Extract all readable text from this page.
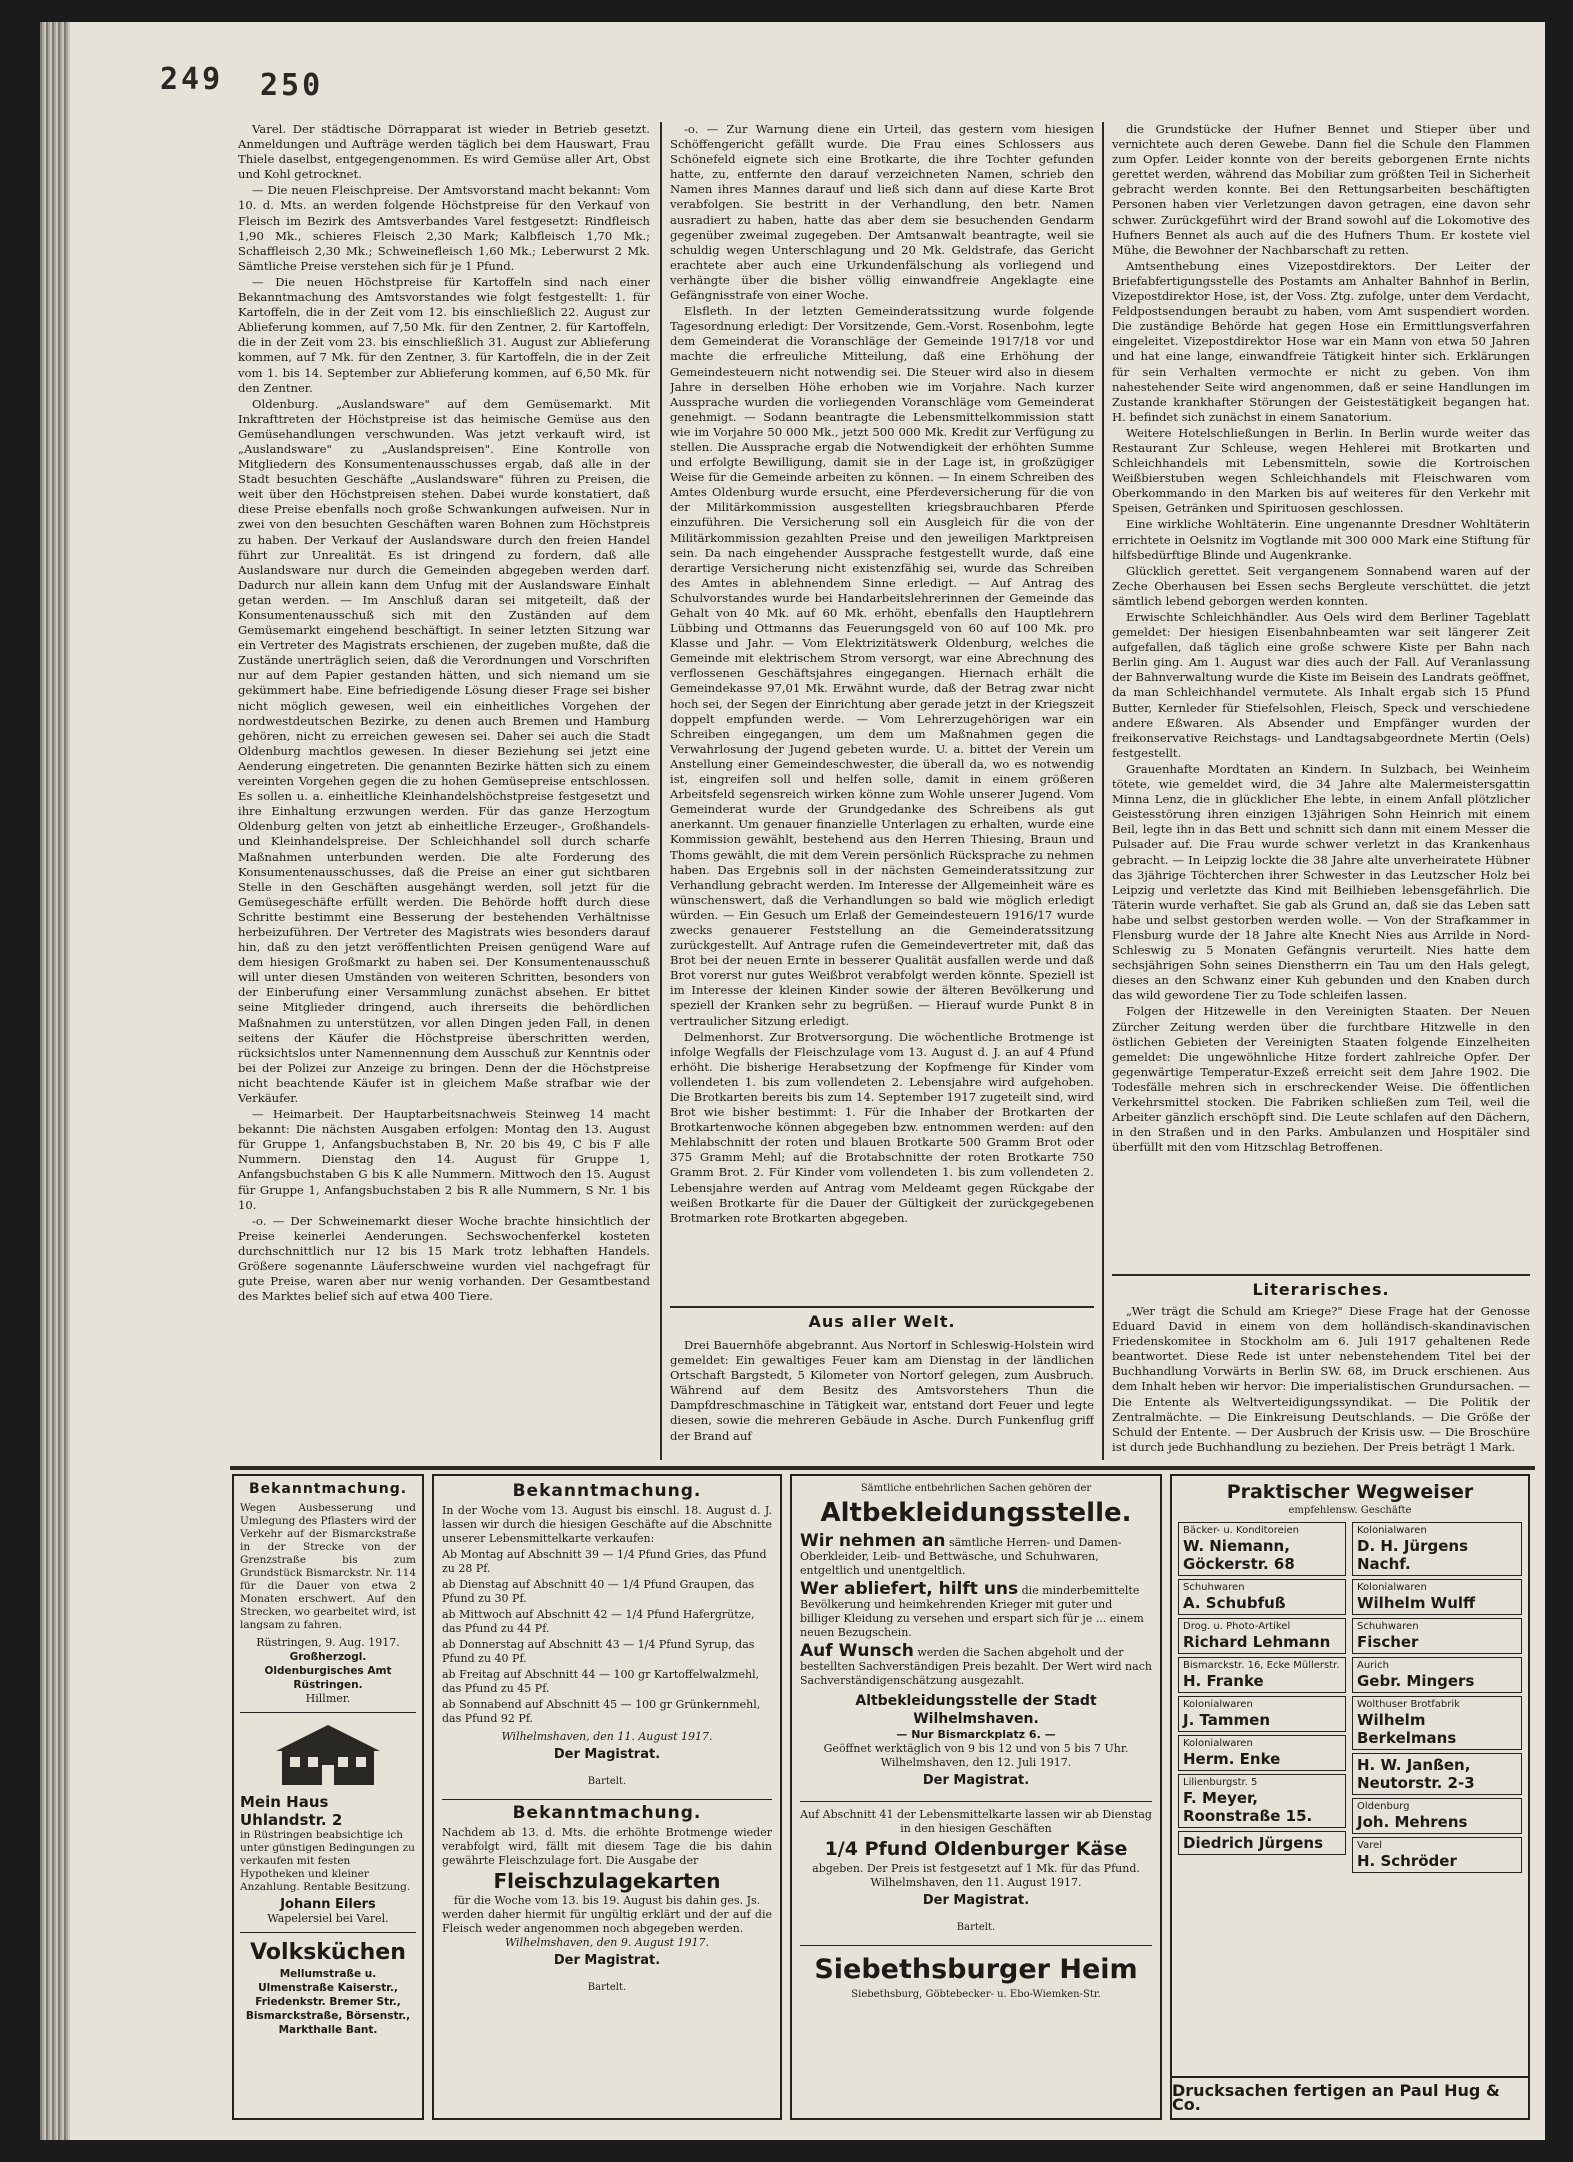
249 250

Varel. Der städtische Dörrapparat ist wieder in Betrieb gesetzt. Anmeldungen und Aufträge werden täglich bei dem Hauswart, Frau Thiele daselbst, entgegengenommen. Es wird Gemüse aller Art, Obst und Kohl getrocknet.

— Die neuen Fleischpreise. Der Amtsvorstand macht bekannt: Vom 10. d. Mts. an werden folgende Höchstpreise für den Verkauf von Fleisch im Bezirk des Amtsverbandes Varel festgesetzt: Rindfleisch 1,90 Mk., schieres Fleisch 2,30 Mark; Kalbfleisch 1,70 Mk.; Schaffleisch 2,30 Mk.; Schweinefleisch 1,60 Mk.; Leberwurst 2 Mk. Sämtliche Preise verstehen sich für je 1 Pfund.

— Die neuen Höchstpreise für Kartoffeln sind nach einer Bekanntmachung des Amtsvorstandes wie folgt festgestellt: 1. für Kartoffeln, die in der Zeit vom 12. bis einschließlich 22. August zur Ablieferung kommen, auf 7,50 Mk. für den Zentner, 2. für Kartoffeln, die in der Zeit vom 23. bis einschließlich 31. August zur Ablieferung kommen, auf 7 Mk. für den Zentner, 3. für Kartoffeln, die in der Zeit vom 1. bis 14. September zur Ablieferung kommen, auf 6,50 Mk. für den Zentner.

Oldenburg. „Auslandsware" auf dem Gemüsemarkt. Mit Inkrafttreten der Höchstpreise ist das heimische Gemüse aus den Gemüsehandlungen verschwunden. Was jetzt verkauft wird, ist „Auslandsware" zu „Auslandspreisen". Eine Kontrolle von Mitgliedern des Konsumentenausschusses ergab, daß alle in der Stadt besuchten Geschäfte „Auslandsware" führen zu Preisen, die weit über den Höchstpreisen stehen. Dabei wurde konstatiert, daß diese Preise ebenfalls noch große Schwankungen aufweisen. Nur in zwei von den besuchten Geschäften waren Bohnen zum Höchstpreis zu haben. Der Verkauf der Auslandsware durch den freien Handel führt zur Unrealität. Es ist dringend zu fordern, daß alle Auslandsware nur durch die Gemeinden abgegeben werden darf. Dadurch nur allein kann dem Unfug mit der Auslandsware Einhalt getan werden. — Im Anschluß daran sei mitgeteilt, daß der Konsumentenausschuß sich mit den Zuständen auf dem Gemüsemarkt eingehend beschäftigt. In seiner letzten Sitzung war ein Vertreter des Magistrats erschienen, der zugeben mußte, daß die Zustände unerträglich seien, daß die Verordnungen und Vorschriften nur auf dem Papier gestanden hätten, und sich niemand um sie gekümmert habe. Eine befriedigende Lösung dieser Frage sei bisher nicht möglich gewesen, weil ein einheitliches Vorgehen der nordwestdeutschen Bezirke, zu denen auch Bremen und Hamburg gehören, nicht zu erreichen gewesen sei. Daher sei auch die Stadt Oldenburg machtlos gewesen. In dieser Beziehung sei jetzt eine Aenderung eingetreten. Die genannten Bezirke hätten sich zu einem vereinten Vorgehen gegen die zu hohen Gemüsepreise entschlossen. Es sollen u. a. einheitliche Kleinhandelshöchstpreise festgesetzt und ihre Einhaltung erzwungen werden. Für das ganze Herzogtum Oldenburg gelten von jetzt ab einheitliche Erzeuger-, Großhandels- und Kleinhandelspreise. Der Schleichhandel soll durch scharfe Maßnahmen unterbunden werden. Die alte Forderung des Konsumentenausschusses, daß die Preise an einer gut sichtbaren Stelle in den Geschäften ausgehängt werden, soll jetzt für die Gemüsegeschäfte erfüllt werden. Die Behörde hofft durch diese Schritte bestimmt eine Besserung der bestehenden Verhältnisse herbeizuführen. Der Vertreter des Magistrats wies besonders darauf hin, daß zu den jetzt veröffentlichten Preisen genügend Ware auf dem hiesigen Großmarkt zu haben sei. Der Konsumentenausschuß will unter diesen Umständen von weiteren Schritten, besonders von der Einberufung einer Versammlung zunächst absehen. Er bittet seine Mitglieder dringend, auch ihrerseits die behördlichen Maßnahmen zu unterstützen, vor allen Dingen jeden Fall, in denen seitens der Käufer die Höchstpreise überschritten werden, rücksichtslos unter Namennennung dem Ausschuß zur Kenntnis oder bei der Polizei zur Anzeige zu bringen. Denn der die Höchstpreise nicht beachtende Käufer ist in gleichem Maße strafbar wie der Verkäufer.

— Heimarbeit. Der Hauptarbeitsnachweis Steinweg 14 macht bekannt: Die nächsten Ausgaben erfolgen: Montag den 13. August für Gruppe 1, Anfangsbuchstaben B, Nr. 20 bis 49, C bis F alle Nummern. Dienstag den 14. August für Gruppe 1, Anfangsbuchstaben G bis K alle Nummern. Mittwoch den 15. August für Gruppe 1, Anfangsbuchstaben 2 bis R alle Nummern, S Nr. 1 bis 10.

-o. — Der Schweinemarkt dieser Woche brachte hinsichtlich der Preise keinerlei Aenderungen. Sechswochenferkel kosteten durchschnittlich nur 12 bis 15 Mark trotz lebhaften Handels. Größere sogenannte Läuferschweine wurden viel nachgefragt für gute Preise, waren aber nur wenig vorhanden. Der Gesamtbestand des Marktes belief sich auf etwa 400 Tiere.

-o. — Zur Warnung diene ein Urteil, das gestern vom hiesigen Schöffengericht gefällt wurde. Die Frau eines Schlossers aus Schönefeld eignete sich eine Brotkarte, die ihre Tochter gefunden hatte, zu, entfernte den darauf verzeichneten Namen, schrieb den Namen ihres Mannes darauf und ließ sich dann auf diese Karte Brot verabfolgen. Sie bestritt in der Verhandlung, den betr. Namen ausradiert zu haben, hatte das aber dem sie besuchenden Gendarm gegenüber zweimal zugegeben. Der Amtsanwalt beantragte, weil sie schuldig wegen Unterschlagung und 20 Mk. Geldstrafe, das Gericht erachtete aber auch eine Urkundenfälschung als vorliegend und verhängte über die bisher völlig einwandfreie Angeklagte eine Gefängnisstrafe von einer Woche.

Elsfleth. In der letzten Gemeinderatssitzung wurde folgende Tagesordnung erledigt: Der Vorsitzende, Gem.-Vorst. Rosenbohm, legte dem Gemeinderat die Voranschläge der Gemeinde 1917/18 vor und machte die erfreuliche Mitteilung, daß eine Erhöhung der Gemeindesteuern nicht notwendig sei. Die Steuer wird also in diesem Jahre in derselben Höhe erhoben wie im Vorjahre. Nach kurzer Aussprache wurden die vorliegenden Voranschläge vom Gemeinderat genehmigt. — Sodann beantragte die Lebensmittelkommission statt wie im Vorjahre 50 000 Mk., jetzt 500 000 Mk. Kredit zur Verfügung zu stellen. Die Aussprache ergab die Notwendigkeit der erhöhten Summe und erfolgte Bewilligung, damit sie in der Lage ist, in großzügiger Weise für die Gemeinde arbeiten zu können. — In einem Schreiben des Amtes Oldenburg wurde ersucht, eine Pferdeversicherung für die von der Militärkommission ausgestellten kriegsbrauchbaren Pferde einzuführen. Die Versicherung soll ein Ausgleich für die von der Militärkommission gezahlten Preise und den jeweiligen Marktpreisen sein. Da nach eingehender Aussprache festgestellt wurde, daß eine derartige Versicherung nicht existenzfähig sei, wurde das Schreiben des Amtes in ablehnendem Sinne erledigt. — Auf Antrag des Schulvorstandes wurde bei Handarbeitslehrerinnen der Gemeinde das Gehalt von 40 Mk. auf 60 Mk. erhöht, ebenfalls den Hauptlehrern Lübbing und Ottmanns das Feuerungsgeld von 60 auf 100 Mk. pro Klasse und Jahr. — Vom Elektrizitätswerk Oldenburg, welches die Gemeinde mit elektrischem Strom versorgt, war eine Abrechnung des verflossenen Geschäftsjahres eingegangen. Hiernach erhält die Gemeindekasse 97,01 Mk. Erwähnt wurde, daß der Betrag zwar nicht hoch sei, der Segen der Einrichtung aber gerade jetzt in der Kriegszeit doppelt empfunden werde. — Vom Lehrerzugehörigen war ein Schreiben eingegangen, um dem um Maßnahmen gegen die Verwahrlosung der Jugend gebeten wurde. U. a. bittet der Verein um Anstellung einer Gemeindeschwester, die überall da, wo es notwendig ist, eingreifen soll und helfen solle, damit in einem größeren Arbeitsfeld segensreich wirken könne zum Wohle unserer Jugend. Vom Gemeinderat wurde der Grundgedanke des Schreibens als gut anerkannt. Um genauer finanzielle Unterlagen zu erhalten, wurde eine Kommission gewählt, bestehend aus den Herren Thiesing, Braun und Thoms gewählt, die mit dem Verein persönlich Rücksprache zu nehmen haben. Das Ergebnis soll in der nächsten Gemeinderatssitzung zur Verhandlung gebracht werden. Im Interesse der Allgemeinheit wäre es wünschenswert, daß die Verhandlungen so bald wie möglich erledigt würden. — Ein Gesuch um Erlaß der Gemeindesteuern 1916/17 wurde zwecks genauerer Feststellung an die Gemeinderatssitzung zurückgestellt. Auf Antrage rufen die Gemeindevertreter mit, daß das Brot bei der neuen Ernte in besserer Qualität ausfallen werde und daß Brot vorerst nur gutes Weißbrot verabfolgt werden könnte. Speziell ist im Interesse der kleinen Kinder sowie der älteren Bevölkerung und speziell der Kranken sehr zu begrüßen. — Hierauf wurde Punkt 8 in vertraulicher Sitzung erledigt.

Delmenhorst. Zur Brotversorgung. Die wöchentliche Brotmenge ist infolge Wegfalls der Fleischzulage vom 13. August d. J. an auf 4 Pfund erhöht. Die bisherige Herabsetzung der Kopfmenge für Kinder vom vollendeten 1. bis zum vollendeten 2. Lebensjahre wird aufgehoben. Die Brotkarten bereits bis zum 14. September 1917 zugeteilt sind, wird Brot wie bisher bestimmt: 1. Für die Inhaber der Brotkarten der Brotkartenwoche können abgegeben bzw. entnommen werden: auf den Mehlabschnitt der roten und blauen Brotkarte 500 Gramm Brot oder 375 Gramm Mehl; auf die Brotabschnitte der roten Brotkarte 750 Gramm Brot. 2. Für Kinder vom vollendeten 1. bis zum vollendeten 2. Lebensjahre werden auf Antrag vom Meldeamt gegen Rückgabe der weißen Brotkarte für die Dauer der Gültigkeit der zurückgegebenen Brotmarken rote Brotkarten abgegeben.

Aus aller Welt.

Drei Bauernhöfe abgebrannt. Aus Nortorf in Schleswig-Holstein wird gemeldet: Ein gewaltiges Feuer kam am Dienstag in der ländlichen Ortschaft Bargstedt, 5 Kilometer von Nortorf gelegen, zum Ausbruch. Während auf dem Besitz des Amtsvorstehers Thun die Dampfdreschmaschine in Tätigkeit war, entstand dort Feuer und legte diesen, sowie die mehreren Gebäude in Asche. Durch Funkenflug griff der Brand auf

die Grundstücke der Hufner Bennet und Stieper über und vernichtete auch deren Gewebe. Dann fiel die Schule den Flammen zum Opfer. Leider konnte von der bereits geborgenen Ernte nichts gerettet werden, während das Mobiliar zum größten Teil in Sicherheit gebracht werden konnte. Bei den Rettungsarbeiten beschäftigten Personen haben vier Verletzungen davon getragen, eine davon sehr schwer. Zurückgeführt wird der Brand sowohl auf die Lokomotive des Hufners Bennet als auch auf die des Hufners Thum. Er kostete viel Mühe, die Bewohner der Nachbarschaft zu retten.

Amtsenthebung eines Vizepostdirektors. Der Leiter der Briefabfertigungsstelle des Postamts am Anhalter Bahnhof in Berlin, Vizepostdirektor Hose, ist, der Voss. Ztg. zufolge, unter dem Verdacht, Feldpostsendungen beraubt zu haben, vom Amt suspendiert worden. Die zuständige Behörde hat gegen Hose ein Ermittlungsverfahren eingeleitet. Vizepostdirektor Hose war ein Mann von etwa 50 Jahren und hat eine lange, einwandfreie Tätigkeit hinter sich. Erklärungen für sein Verhalten vermochte er nicht zu geben. Von ihm nahestehender Seite wird angenommen, daß er seine Handlungen im Zustande krankhafter Störungen der Geistestätigkeit begangen hat. H. befindet sich zunächst in einem Sanatorium.

Weitere Hotelschließungen in Berlin. In Berlin wurde weiter das Restaurant Zur Schleuse, wegen Hehlerei mit Brotkarten und Schleichhandels mit Lebensmitteln, sowie die Kortroischen Weißbierstuben wegen Schleichhandels mit Fleischwaren vom Oberkommando in den Marken bis auf weiteres für den Verkehr mit Speisen, Getränken und Spirituosen geschlossen.

Eine wirkliche Wohltäterin. Eine ungenannte Dresdner Wohltäterin errichtete in Oelsnitz im Vogtlande mit 300 000 Mark eine Stiftung für hilfsbedürftige Blinde und Augenkranke.

Glücklich gerettet. Seit vergangenem Sonnabend waren auf der Zeche Oberhausen bei Essen sechs Bergleute verschüttet. die jetzt sämtlich lebend geborgen werden konnten.

Erwischte Schleichhändler. Aus Oels wird dem Berliner Tageblatt gemeldet: Der hiesigen Eisenbahnbeamten war seit längerer Zeit aufgefallen, daß täglich eine große schwere Kiste per Bahn nach Berlin ging. Am 1. August war dies auch der Fall. Auf Veranlassung der Bahnverwaltung wurde die Kiste im Beisein des Landrats geöffnet, da man Schleichhandel vermutete. Als Inhalt ergab sich 15 Pfund Butter, Kernleder für Stiefelsohlen, Fleisch, Speck und verschiedene andere Eßwaren. Als Absender und Empfänger wurden der freikonservative Reichstags- und Landtagsabgeordnete Mertin (Oels) festgestellt.

Grauenhafte Mordtaten an Kindern. In Sulzbach, bei Weinheim tötete, wie gemeldet wird, die 34 Jahre alte Malermeistersgattin Minna Lenz, die in glücklicher Ehe lebte, in einem Anfall plötzlicher Geistesstörung ihren einzigen 13jährigen Sohn Heinrich mit einem Beil, legte ihn in das Bett und schnitt sich dann mit einem Messer die Pulsader auf. Die Frau wurde schwer verletzt in das Krankenhaus gebracht. — In Leipzig lockte die 38 Jahre alte unverheiratete Hübner das 3jährige Töchterchen ihrer Schwester in das Leutzscher Holz bei Leipzig und verletzte das Kind mit Beilhieben lebensgefährlich. Die Täterin wurde verhaftet. Sie gab als Grund an, daß sie das Leben satt habe und selbst gestorben werden wolle. — Von der Strafkammer in Flensburg wurde der 18 Jahre alte Knecht Nies aus Arrilde in Nord-Schleswig zu 5 Monaten Gefängnis verurteilt. Nies hatte dem sechsjährigen Sohn seines Dienstherrn ein Tau um den Hals gelegt, dieses an den Schwanz einer Kuh gebunden und den Knaben durch das wild gewordene Tier zu Tode schleifen lassen.

Folgen der Hitzewelle in den Vereinigten Staaten. Der Neuen Zürcher Zeitung werden über die furchtbare Hitzwelle in den östlichen Gebieten der Vereinigten Staaten folgende Einzelheiten gemeldet: Die ungewöhnliche Hitze fordert zahlreiche Opfer. Der gegenwärtige Temperatur-Exzeß erreicht seit dem Jahre 1902. Die Todesfälle mehren sich in erschreckender Weise. Die öffentlichen Verkehrsmittel stocken. Die Fabriken schließen zum Teil, weil die Arbeiter gänzlich erschöpft sind. Die Leute schlafen auf den Dächern, in den Straßen und in den Parks. Ambulanzen und Hospitäler sind überfüllt mit den vom Hitzschlag Betroffenen.

Literarisches.

„Wer trägt die Schuld am Kriege?" Diese Frage hat der Genosse Eduard David in einem von dem holländisch-skandinavischen Friedenskomitee in Stockholm am 6. Juli 1917 gehaltenen Rede beantwortet. Diese Rede ist unter nebenstehendem Titel bei der Buchhandlung Vorwärts in Berlin SW. 68, im Druck erschienen. Aus dem Inhalt heben wir hervor: Die imperialistischen Grundursachen. — Die Entente als Weltverteidigungssyndikat. — Die Politik der Zentralmächte. — Die Einkreisung Deutschlands. — Die Größe der Schuld der Entente. — Der Ausbruch der Krisis usw. — Die Broschüre ist durch jede Buchhandlung zu beziehen. Der Preis beträgt 1 Mark.

Bekanntmachung.

Wegen Ausbesserung und Umlegung des Pflasters wird der Verkehr auf der Bismarckstraße in der Strecke von der Grenzstraße bis zum Grundstück Bismarckstr. Nr. 114 für die Dauer von etwa 2 Monaten erschwert. Auf den Strecken, wo gearbeitet wird, ist langsam zu fahren.

Rüstringen, 9. Aug. 1917.

Großherzogl. Oldenburgisches Amt Rüstringen.

Hillmer.

Mein Haus Uhlandstr. 2

in Rüstringen beabsichtige ich unter günstigen Bedingungen zu verkaufen mit festen Hypotheken und kleiner Anzahlung. Rentable Besitzung.

Johann Eilers

Wapelersiel bei Varel.

Volksküchen

Mellumstraße u. Ulmenstraße Kaiserstr., Friedenkstr. Bremer Str., Bismarckstraße, Börsenstr., Markthalle Bant.

Bekanntmachung.

In der Woche vom 13. August bis einschl. 18. August d. J. lassen wir durch die hiesigen Geschäfte auf die Abschnitte unserer Lebensmittelkarte verkaufen:

Ab Montag auf Abschnitt 39 — 1/4 Pfund Gries, das Pfund zu 28 Pf.

ab Dienstag auf Abschnitt 40 — 1/4 Pfund Graupen, das Pfund zu 30 Pf.

ab Mittwoch auf Abschnitt 42 — 1/4 Pfund Hafergrütze, das Pfund zu 44 Pf.

ab Donnerstag auf Abschnitt 43 — 1/4 Pfund Syrup, das Pfund zu 40 Pf.

ab Freitag auf Abschnitt 44 — 100 gr Kartoffelwalzmehl, das Pfund zu 45 Pf.

ab Sonnabend auf Abschnitt 45 — 100 gr Grünkernmehl, das Pfund 92 Pf.

Wilhelmshaven, den 11. August 1917.

Der Magistrat.

Bartelt.

Bekanntmachung.

Nachdem ab 13. d. Mts. die erhöhte Brotmenge wieder verabfolgt wird, fällt mit diesem Tage die bis dahin gewährte Fleischzulage fort. Die Ausgabe der

Fleischzulagekarten

für die Woche vom 13. bis 19. August bis dahin ges. Js.

werden daher hiermit für ungültig erklärt und der auf die Fleisch weder angenommen noch abgegeben werden.

Wilhelmshaven, den 9. August 1917.

Der Magistrat.

Bartelt.

Sämtliche entbehrlichen Sachen gehören der

Altbekleidungsstelle.

Wir nehmen an sämtliche Herren- und Damen-Oberkleider, Leib- und Bettwäsche, und Schuhwaren, entgeltlich und unentgeltlich.

Wer abliefert, hilft uns die minderbemittelte Bevölkerung und heimkehrenden Krieger mit guter und billiger Kleidung zu versehen und erspart sich für je ... einem neuen Bezugschein.

Auf Wunsch werden die Sachen abgeholt und der bestellten Sachverständigen Preis bezahlt. Der Wert wird nach Sachverständigenschätzung ausgezahlt.

Altbekleidungsstelle der Stadt Wilhelmshaven.

— Nur Bismarckplatz 6. —

Geöffnet werktäglich von 9 bis 12 und von 5 bis 7 Uhr. Wilhelmshaven, den 12. Juli 1917.

Der Magistrat.

Auf Abschnitt 41 der Lebensmittelkarte lassen wir ab Dienstag in den hiesigen Geschäften

1/4 Pfund Oldenburger Käse

abgeben. Der Preis ist festgesetzt auf 1 Mk. für das Pfund. Wilhelmshaven, den 11. August 1917.

Der Magistrat.

Bartelt.

Siebethsburger Heim

Siebethsburg, Göbtebecker- u. Ebo-Wiemken-Str.

Praktischer Wegweiser

empfehlensw. Geschäfte

Bäcker- u. Konditoreien
W. Niemann, Göckerstr. 68
Schuhwaren
A. Schubfuß
Drog. u. Photo-Artikel
Richard Lehmann
Bismarckstr. 16, Ecke Müllerstr.
H. Franke
Kolonialwaren
J. Tammen
Kolonialwaren
Herm. Enke
Lilienburgstr. 5
F. Meyer, Roonstraße 15.
Diedrich Jürgens
Kolonialwaren
D. H. Jürgens Nachf.
Kolonialwaren
Wilhelm Wulff
Schuhwaren
Fischer
Aurich
Gebr. Mingers
Wolthuser Brotfabrik
Wilhelm Berkelmans
H. W. Janßen, Neutorstr. 2-3
Oldenburg
Joh. Mehrens
Varel
H. Schröder
Drucksachen fertigen an Paul Hug & Co.
